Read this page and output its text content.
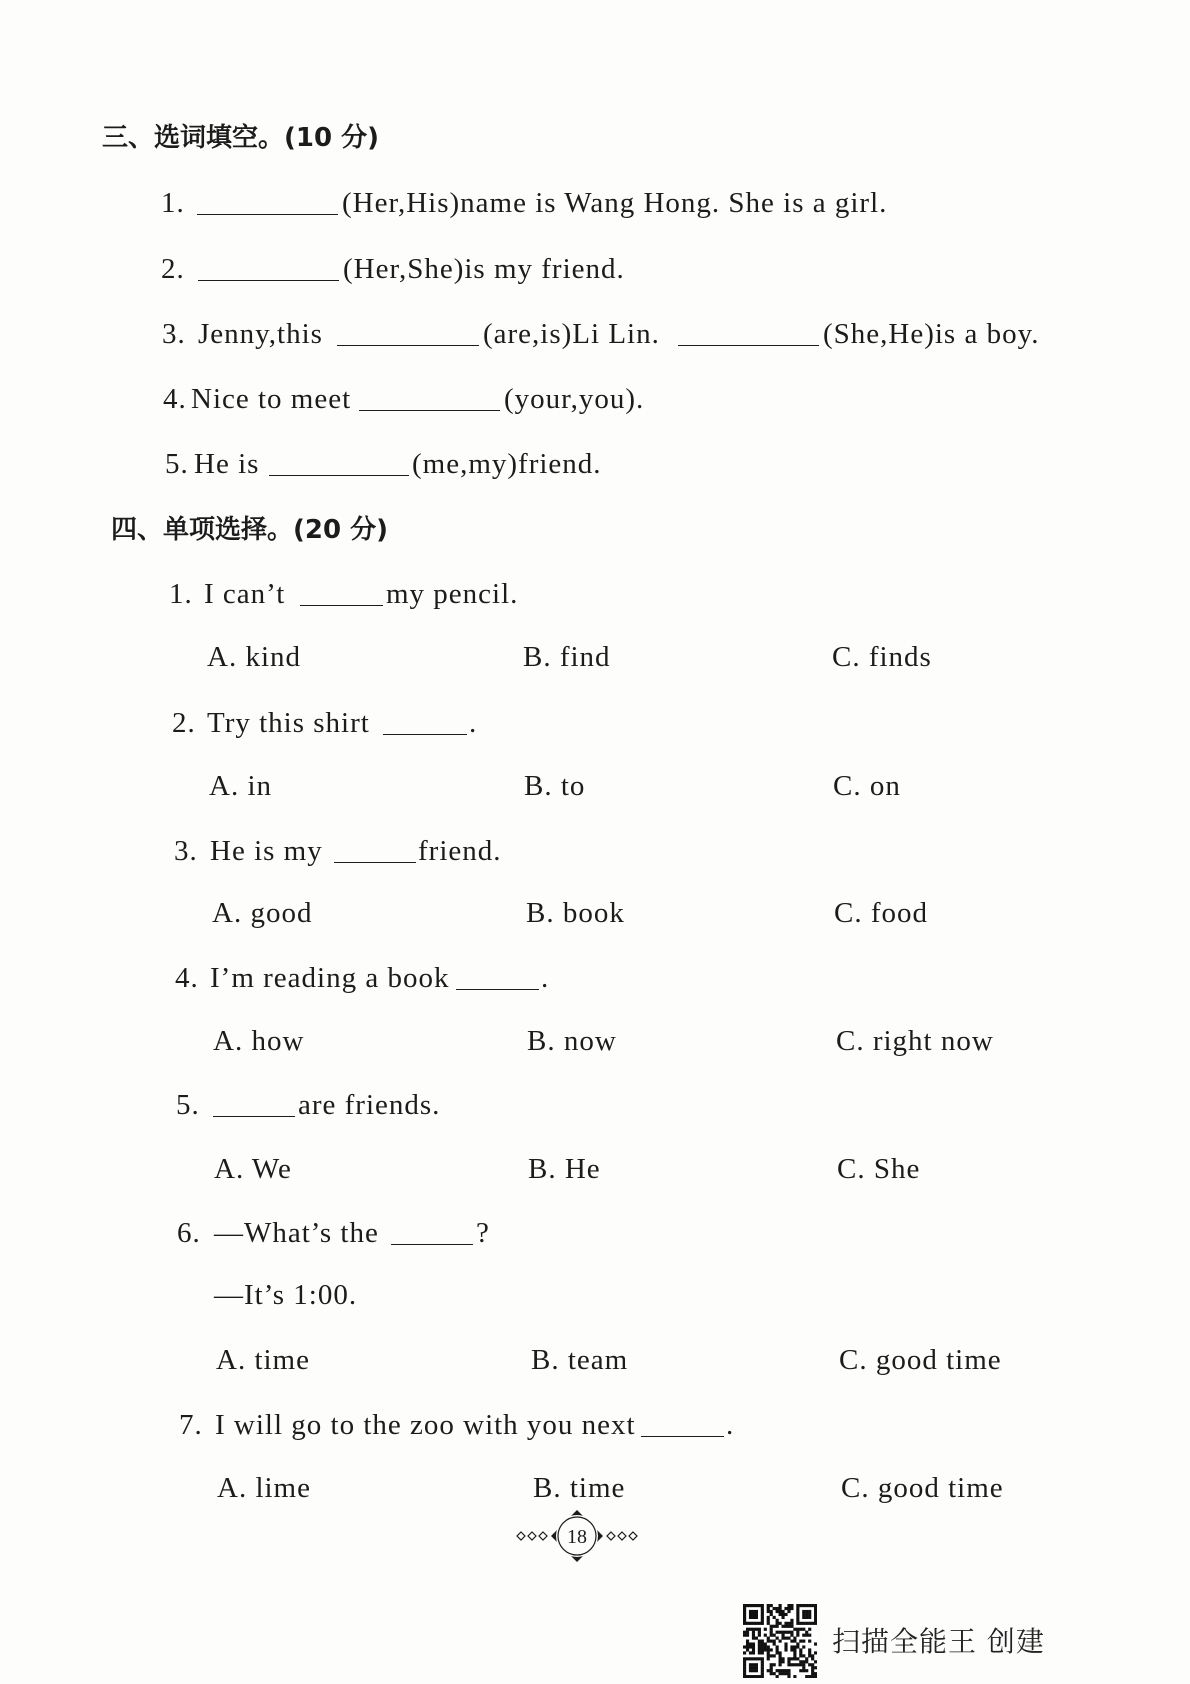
三、选词填空。(10 分)
1.	(Her,His)name is Wang Hong. She is a girl.
2.	(Her,She)is my friend.
3. Jenny,this	(are,is)Li Lin.	(She,He)is a boy.
4. Nice to meet	(your,you).
5. He is	(me,my)friend.
四、单项选择。(20 分)
1. I can’t	my pencil.
A. kind	B. find	C. finds
2. Try this shirt	.
A. in	B. to	C. on
3. He is my	friend.
A. good	B. book	C. food
4. I’m reading a book	.
A. how	B. now	C. right now
5.	are friends.
A. We	B. He	C. She
6. —What’s the	?
—It’s 1:00.
A. time	B. team	C. good time
7. I will go to the zoo with you next	.
A. lime	B. time	C. good time
18
扫描全能王 创建
